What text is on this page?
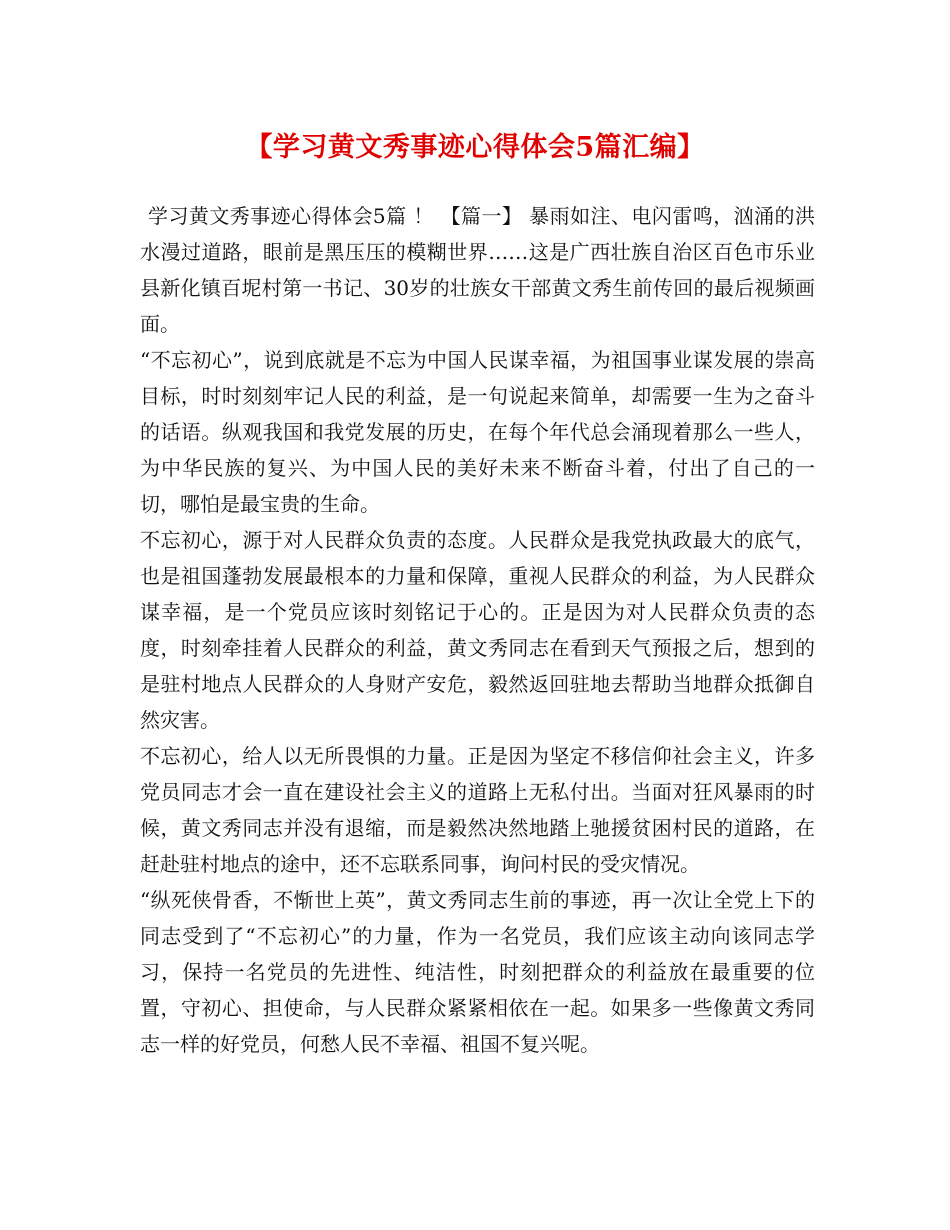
【学习黄文秀事迹心得体会5篇汇编】

学习黄文秀事迹心得体会5篇 ！ 【篇一】 暴雨如注、电闪雷鸣，汹涌的洪水漫过道路，眼前是黑压压的模糊世界……这是广西壮族自治区百色市乐业县新化镇百坭村第一书记、30岁的壮族女干部黄文秀生前传回的最后视频画面。

“不忘初心”，说到底就是不忘为中国人民谋幸福，为祖国事业谋发展的崇高目标，时时刻刻牢记人民的利益，是一句说起来简单，却需要一生为之奋斗的话语。纵观我国和我党发展的历史，在每个年代总会涌现着那么一些人，为中华民族的复兴、为中国人民的美好未来不断奋斗着，付出了自己的一切，哪怕是最宝贵的生命。

不忘初心，源于对人民群众负责的态度。人民群众是我党执政最大的底气，也是祖国蓬勃发展最根本的力量和保障，重视人民群众的利益，为人民群众谋幸福，是一个党员应该时刻铭记于心的。正是因为对人民群众负责的态度，时刻牵挂着人民群众的利益，黄文秀同志在看到天气预报之后，想到的是驻村地点人民群众的人身财产安危，毅然返回驻地去帮助当地群众抵御自然灾害。

不忘初心，给人以无所畏惧的力量。正是因为坚定不移信仰社会主义，许多党员同志才会一直在建设社会主义的道路上无私付出。当面对狂风暴雨的时候，黄文秀同志并没有退缩，而是毅然决然地踏上驰援贫困村民的道路，在赶赴驻村地点的途中，还不忘联系同事，询问村民的受灾情况。

“纵死侠骨香，不惭世上英”，黄文秀同志生前的事迹，再一次让全党上下的同志受到了“不忘初心”的力量，作为一名党员，我们应该主动向该同志学习，保持一名党员的先进性、纯洁性，时刻把群众的利益放在最重要的位置，守初心、担使命，与人民群众紧紧相依在一起。如果多一些像黄文秀同志一样的好党员，何愁人民不幸福、祖国不复兴呢。
